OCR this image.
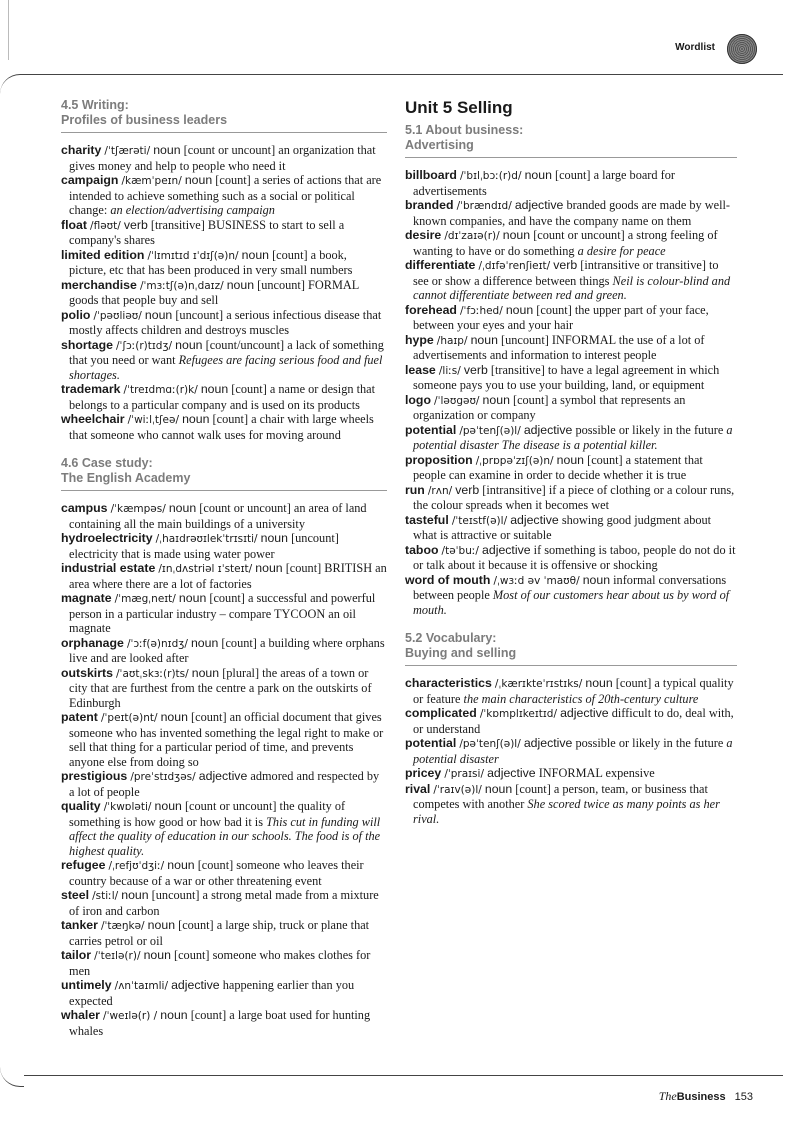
Wordlist
4.5 Writing:
Profiles of business leaders
charity /ˈtʃærəti/ noun [count or uncount] an organization that gives money and help to people who need it
campaign /kæmˈpeɪn/ noun [count] a series of actions that are intended to achieve something such as a social or political change: an election/advertising campaign
float /fləʊt/ verb [transitive] BUSINESS to start to sell a company's shares
limited edition /ˈlɪmɪtɪd ɪˈdɪʃ(ə)n/ noun [count] a book, picture, etc that has been produced in very small numbers
merchandise /ˈmɜːtʃ(ə)nˌdaɪz/ noun [uncount] FORMAL goods that people buy and sell
polio /ˈpəʊliəʊ/ noun [uncount] a serious infectious disease that mostly affects children and destroys muscles
shortage /ˈʃɔː(r)tɪdʒ/ noun [count/uncount] a lack of something that you need or want Refugees are facing serious food and fuel shortages.
trademark /ˈtreɪdmɑː(r)k/ noun [count] a name or design that belongs to a particular company and is used on its products
wheelchair /ˈwiːlˌtʃeə/ noun [count] a chair with large wheels that someone who cannot walk uses for moving around
4.6 Case study:
The English Academy
campus /ˈkæmpəs/ noun [count or uncount] an area of land containing all the main buildings of a university
hydroelectricity /ˌhaɪdrəʊɪlekˈtrɪsɪti/ noun [uncount] electricity that is made using water power
industrial estate /ɪnˌdʌstriəl ɪˈsteɪt/ noun [count] BRITISH an area where there are a lot of factories
magnate /ˈmægˌneɪt/ noun [count] a successful and powerful person in a particular industry – compare TYCOON an oil magnate
orphanage /ˈɔːf(ə)nɪdʒ/ noun [count] a building where orphans live and are looked after
outskirts /ˈaʊtˌskɜː(r)ts/ noun [plural] the areas of a town or city that are furthest from the centre a park on the outskirts of Edinburgh
patent /ˈpeɪt(ə)nt/ noun [count] an official document that gives someone who has invented something the legal right to make or sell that thing for a particular period of time, and prevents anyone else from doing so
prestigious /preˈstɪdʒəs/ adjective admored and respected by a lot of people
quality /ˈkwɒləti/ noun [count or uncount] the quality of something is how good or how bad it is This cut in funding will affect the quality of education in our schools. The food is of the highest quality.
refugee /ˌrefjʊˈdʒiː/ noun [count] someone who leaves their country because of a war or other threatening event
steel /stiːl/ noun [uncount] a strong metal made from a mixture of iron and carbon
tanker /ˈtæŋkə/ noun [count] a large ship, truck or plane that carries petrol or oil
tailor /ˈteɪlə(r)/ noun [count] someone who makes clothes for men
untimely /ʌnˈtaɪmli/ adjective happening earlier than you expected
whaler /ˈweɪlə(r) / noun [count] a large boat used for hunting whales
Unit 5 Selling
5.1 About business:
Advertising
billboard /ˈbɪlˌbɔː(r)d/ noun [count] a large board for advertisements
branded /ˈbrændɪd/ adjective branded goods are made by well-known companies, and have the company name on them
desire /dɪˈzaɪə(r)/ noun [count or uncount] a strong feeling of wanting to have or do something a desire for peace
differentiate /ˌdɪfəˈrenʃieɪt/ verb [intransitive or transitive] to see or show a difference between things Neil is colour-blind and cannot differentiate between red and green.
forehead /ˈfɔːhed/ noun [count] the upper part of your face, between your eyes and your hair
hype /haɪp/ noun [uncount] INFORMAL the use of a lot of advertisements and information to interest people
lease /liːs/ verb [transitive] to have a legal agreement in which someone pays you to use your building, land, or equipment
logo /ˈləʊgəʊ/ noun [count] a symbol that represents an organization or company
potential /pəˈtenʃ(ə)l/ adjective possible or likely in the future a potential disaster The disease is a potential killer.
proposition /ˌprɒpəˈzɪʃ(ə)n/ noun [count] a statement that people can examine in order to decide whether it is true
run /rʌn/ verb [intransitive] if a piece of clothing or a colour runs, the colour spreads when it becomes wet
tasteful /ˈteɪstf(ə)l/ adjective showing good judgment about what is attractive or suitable
taboo /təˈbuː/ adjective if something is taboo, people do not do it or talk about it because it is offensive or shocking
word of mouth /ˌwɜːd əv ˈmaʊθ/ noun informal conversations between people Most of our customers hear about us by word of mouth.
5.2 Vocabulary:
Buying and selling
characteristics /ˌkærɪkteˈrɪstɪks/ noun [count] a typical quality or feature the main characteristics of 20th-century culture
complicated /ˈkɒmplɪkeɪtɪd/ adjective difficult to do, deal with, or understand
potential /pəˈtenʃ(ə)l/ adjective possible or likely in the future a potential disaster
pricey /ˈpraɪsi/ adjective INFORMAL expensive
rival /ˈraɪv(ə)l/ noun [count] a person, team, or business that competes with another She scored twice as many points as her rival.
The Business 153
